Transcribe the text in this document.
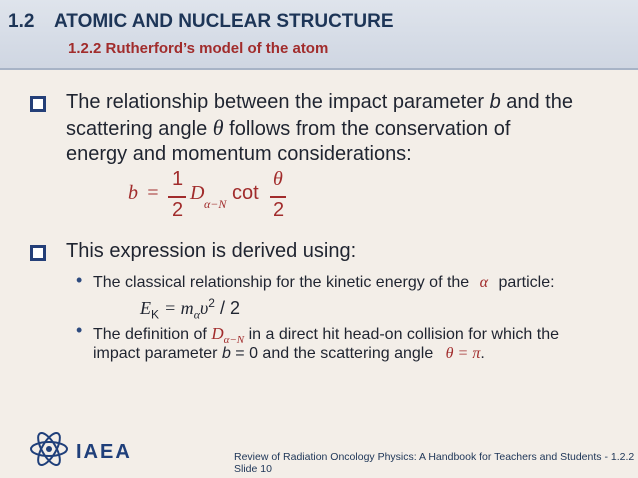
1.2 ATOMIC AND NUCLEAR STRUCTURE
1.2.2 Rutherford’s model of the atom
The relationship between the impact parameter b and the
scattering angle θ follows from the conservation of
energy and momentum considerations:
b =
1
2
D α−N cot
θ
2
This expression is derived using:
• The classical relationship for the kinetic energy of the α particle:
$E_K = m_\alpha\upsilon^2 / 2$
• The definition of $D_{\alpha-N}$ in a direct hit head-on collision for which the
impact parameter b = 0 and the scattering angle θ = π.
IAEA	Review of Radiation Oncology Physics: A Handbook for Teachers and Students - 1.2.2 Slide 10
